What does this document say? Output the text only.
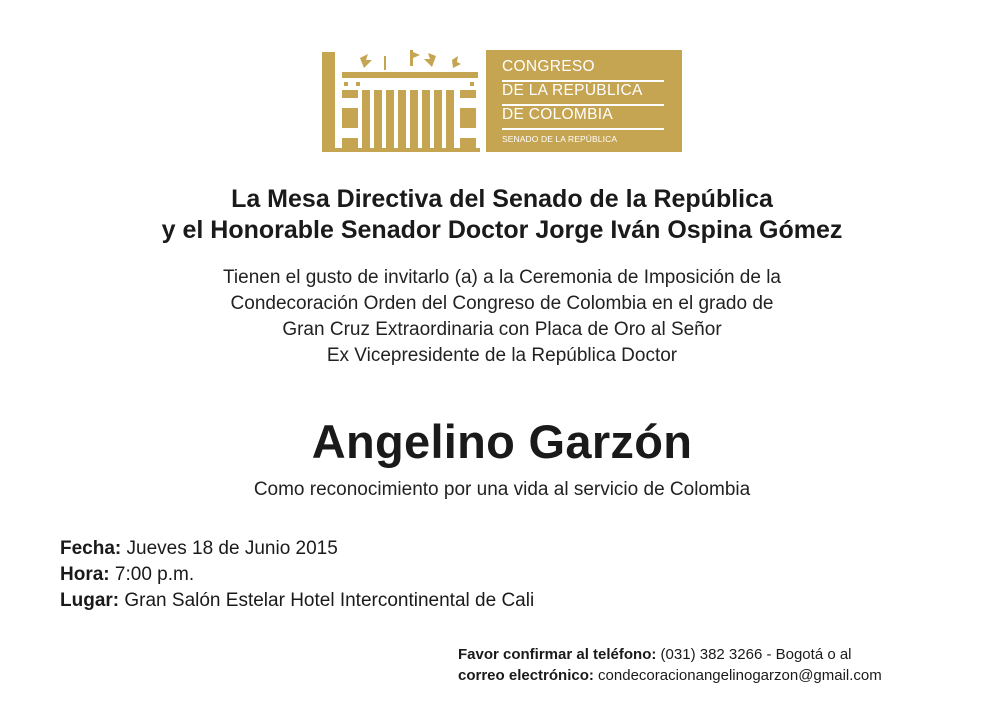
CONGRESO
DE LA REPÚBLICA
DE COLOMBIA
SENADO DE LA REPÚBLICA
La Mesa Directiva del Senado de la República
y el Honorable Senador Doctor Jorge Iván Ospina Gómez
Tienen el gusto de invitarlo (a) a la Ceremonia de Imposición de la
Condecoración Orden del Congreso de Colombia en el grado de
Gran Cruz Extraordinaria con Placa de Oro al Señor
Ex Vicepresidente de la República Doctor
Angelino Garzón
Como reconocimiento por una vida al servicio de Colombia
Fecha: Jueves 18 de Junio 2015
Hora: 7:00 p.m.
Lugar: Gran Salón Estelar Hotel Intercontinental de Cali
Favor confirmar al teléfono: (031) 382 3266 - Bogotá o al
correo electrónico: condecoracionangelinogarzon@gmail.com
